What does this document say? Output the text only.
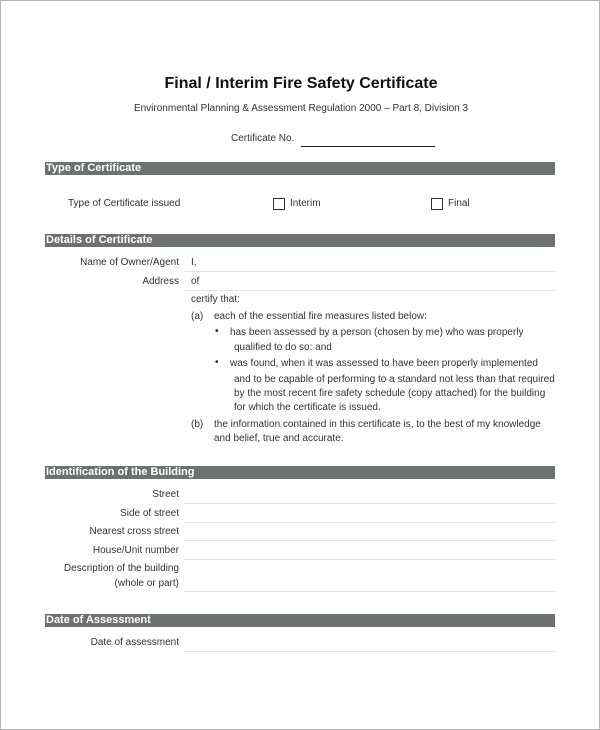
Final / Interim Fire Safety Certificate
Environmental Planning & Assessment Regulation 2000 – Part 8, Division 3
Certificate No.
Type of Certificate
Type of Certificate issued	Interim	Final
Details of Certificate
Name of Owner/Agent I,
Address of
certify that:
(a) each of the essential fire measures listed below:
• has been assessed by a person (chosen by me) who was properly
qualified to do so: and
• was found, when it was assessed to have been properly implemented
and to be capable of performing to a standard not less than that required
by the most recent fire safety schedule (copy attached) for the building
for which the certificate is issued.
(b) the information contained in this certificate is, to the best of my knowledge
and belief, true and accurate.
Identification of the Building
Street
Side of street
Nearest cross street
House/Unit number
Description of the building
(whole or part)
Date of Assessment
Date of assessment
